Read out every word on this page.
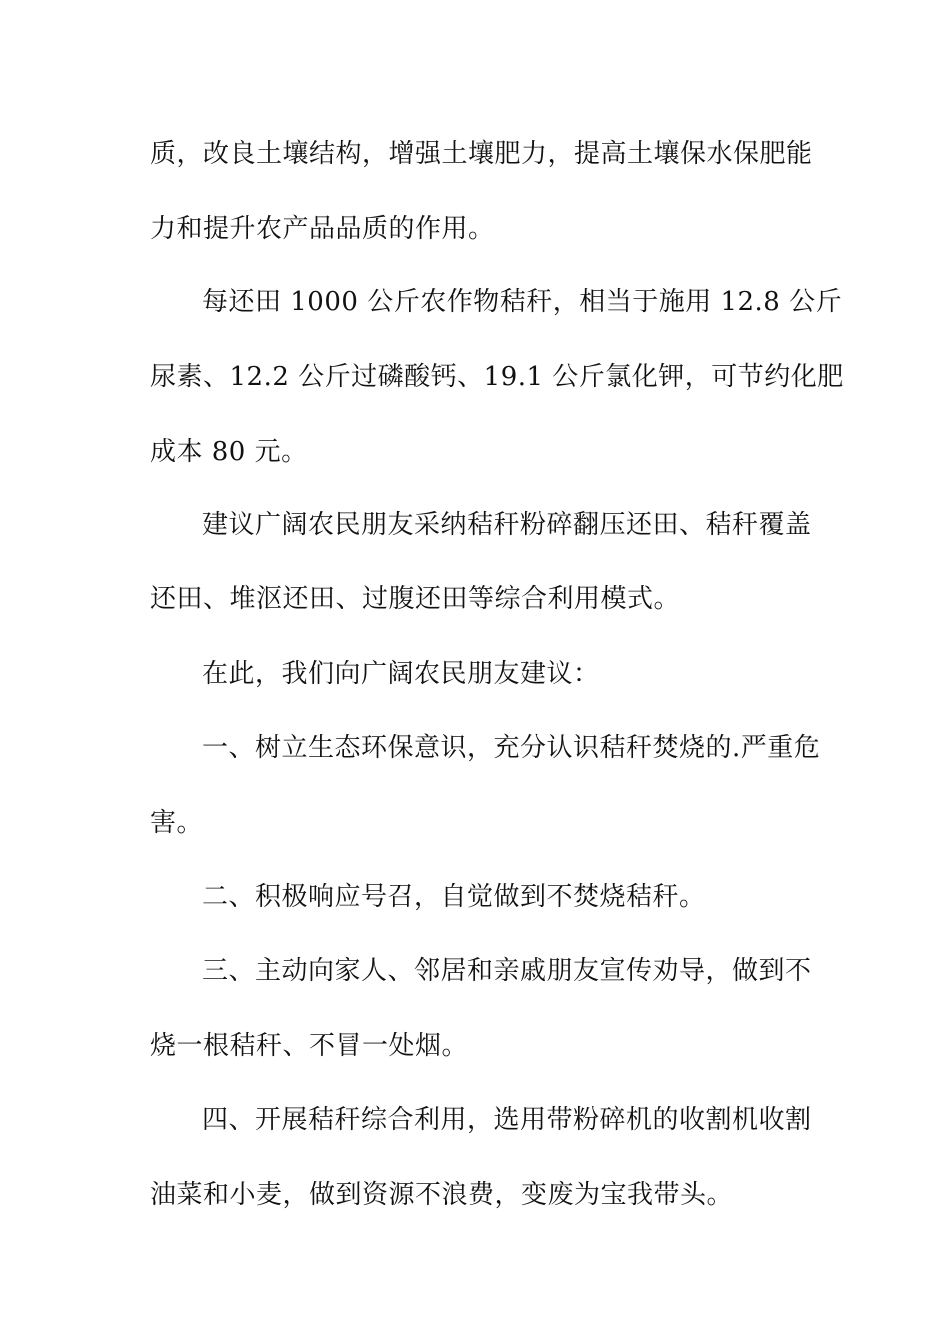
质，改良土壤结构，增强土壤肥力，提高土壤保水保肥能
力和提升农产品品质的作用。
每还田 1000 公斤农作物秸秆，相当于施用 12.8 公斤
尿素、12.2 公斤过磷酸钙、19.1 公斤氯化钾，可节约化肥
成本 80 元。
建议广阔农民朋友采纳秸秆粉碎翻压还田、秸秆覆盖
还田、堆沤还田、过腹还田等综合利用模式。
在此，我们向广阔农民朋友建议：
一、树立生态环保意识，充分认识秸秆焚烧的.严重危
害。
二、积极响应号召，自觉做到不焚烧秸秆。
三、主动向家人、邻居和亲戚朋友宣传劝导，做到不
烧一根秸秆、不冒一处烟。
四、开展秸秆综合利用，选用带粉碎机的收割机收割
油菜和小麦，做到资源不浪费，变废为宝我带头。
